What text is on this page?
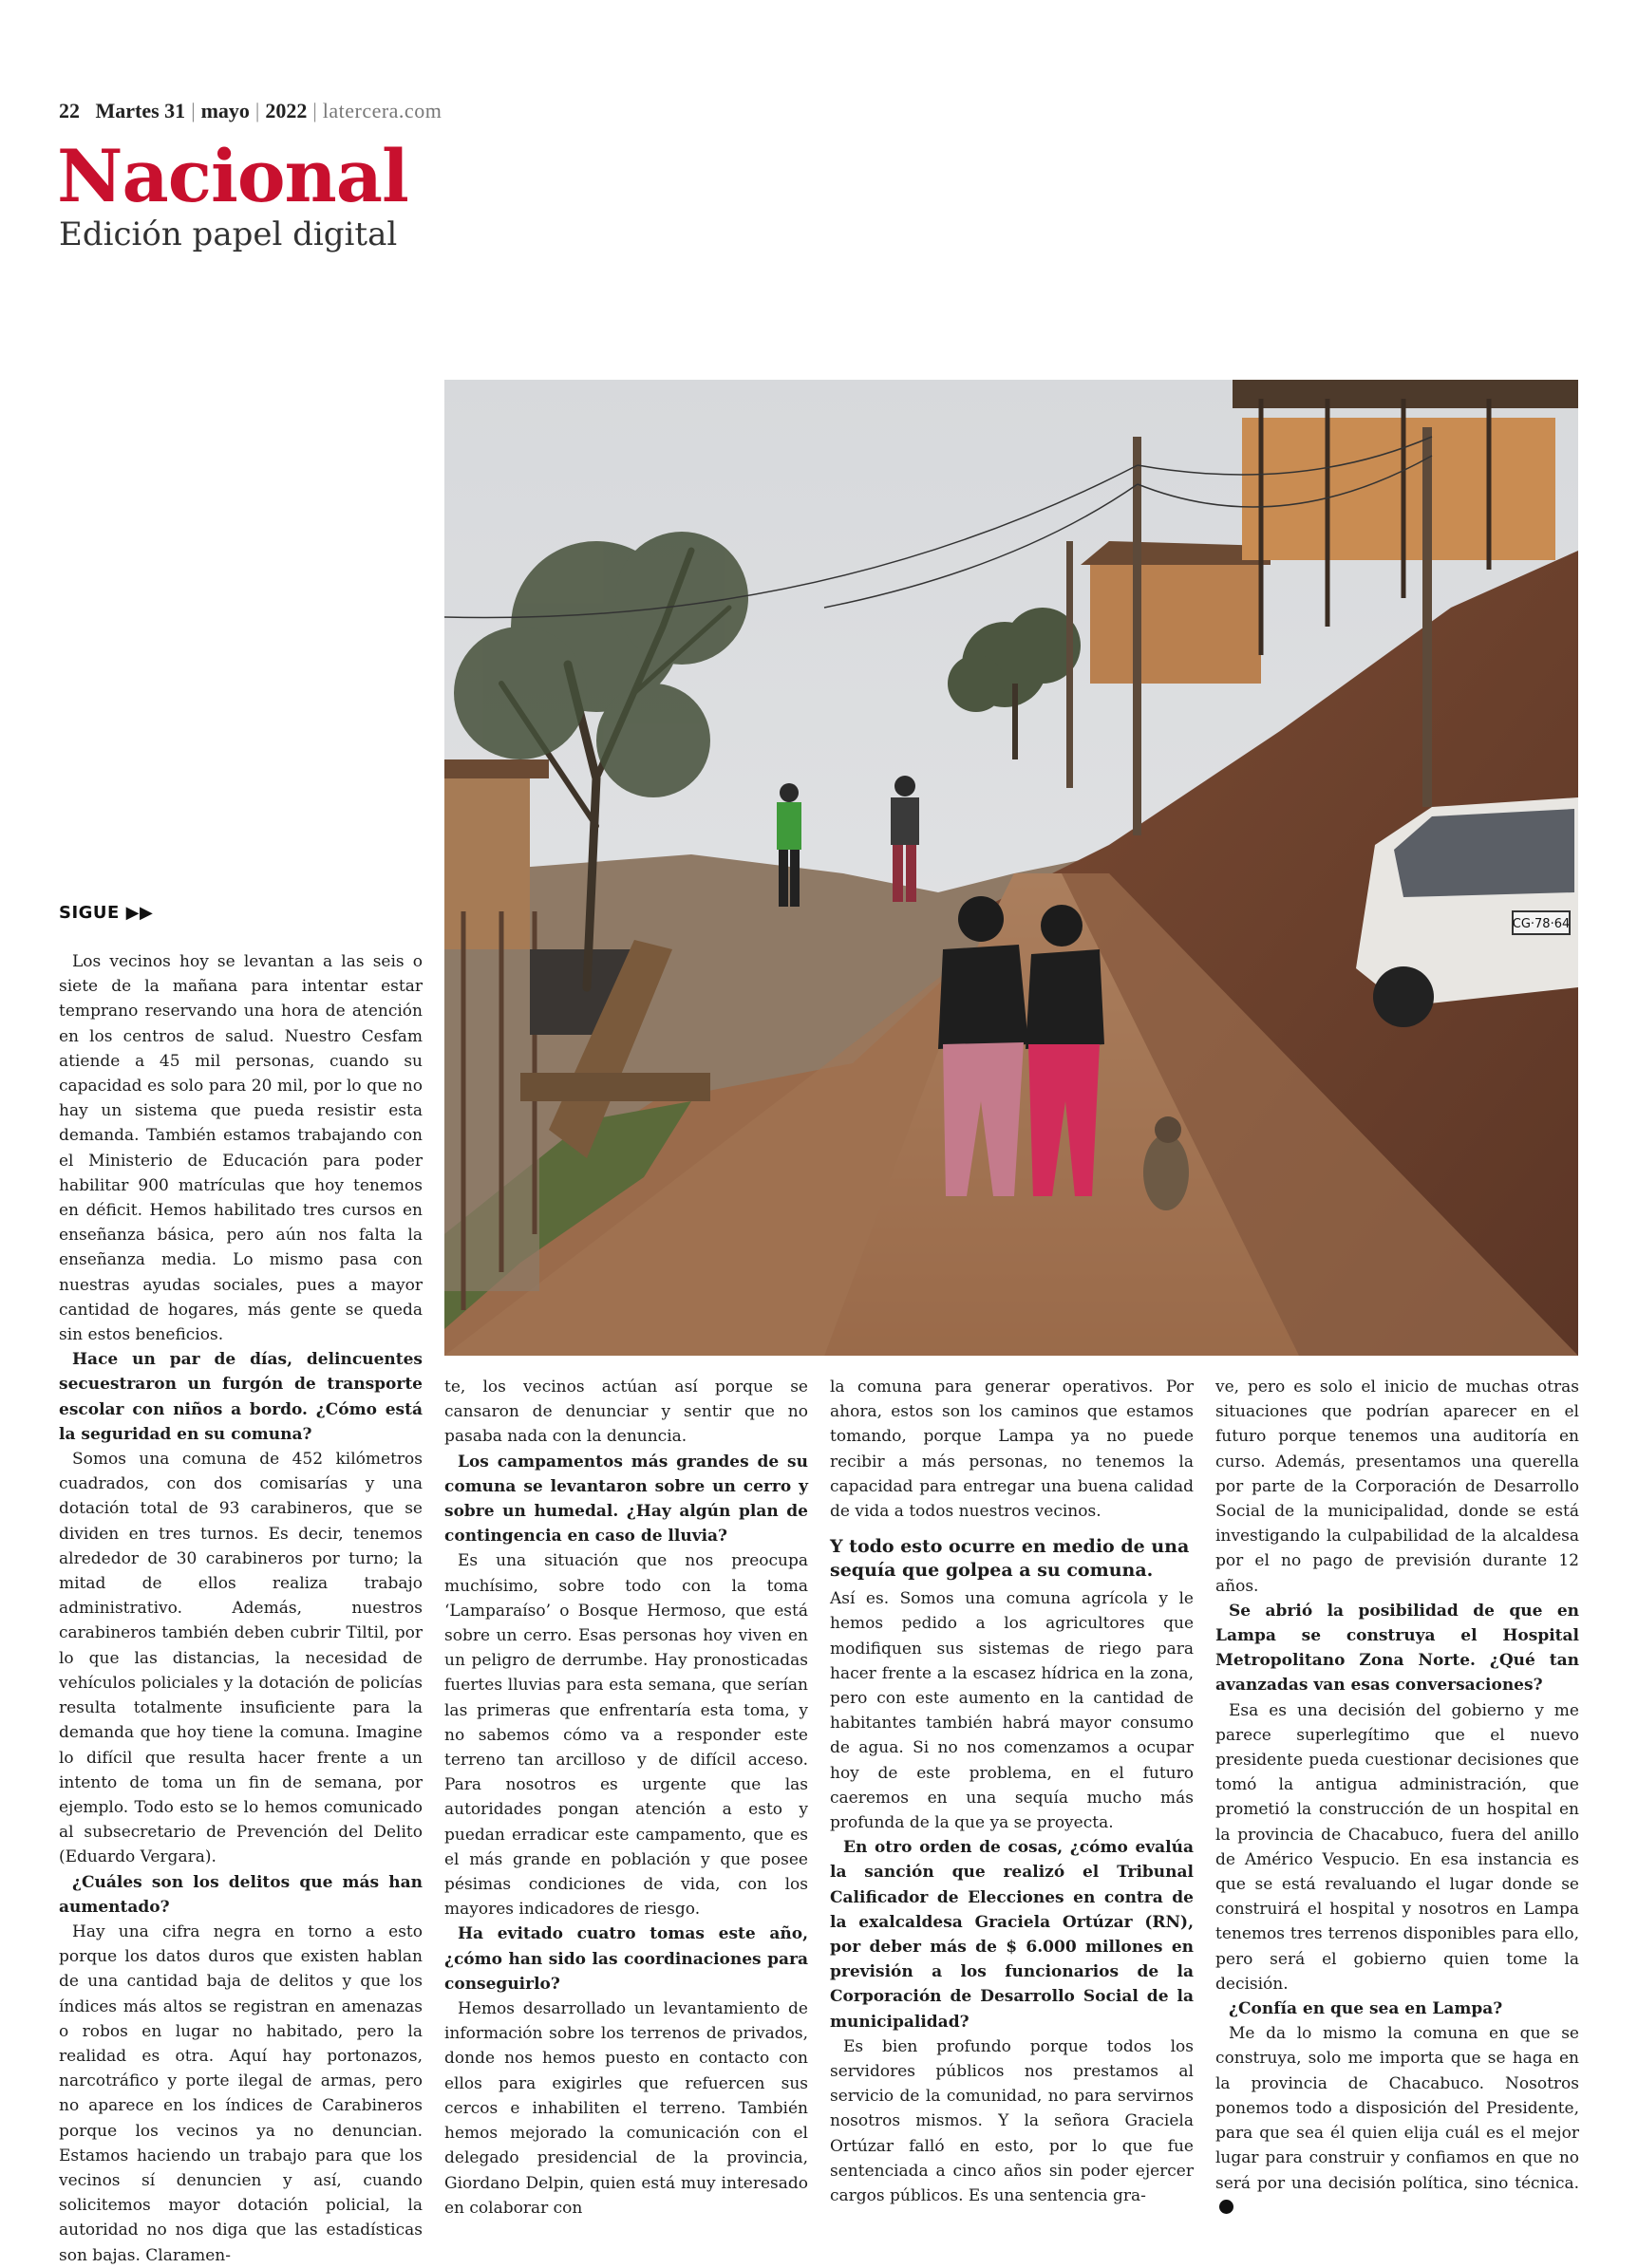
22 Martes 31 | mayo | 2022 | latercera.com
Nacional
Edición papel digital
CG·78·64
SIGUE ▶▶

Los vecinos hoy se levantan a las seis o siete de la mañana para intentar estar temprano reservando una hora de atención en los centros de salud. Nuestro Cesfam atiende a 45 mil personas, cuando su capacidad es solo para 20 mil, por lo que no hay un sistema que pueda resistir esta demanda. También estamos trabajando con el Ministerio de Educación para poder habilitar 900 matrículas que hoy tenemos en déficit. Hemos habilitado tres cursos en enseñanza básica, pero aún nos falta la enseñanza media. Lo mismo pasa con nuestras ayudas sociales, pues a mayor cantidad de hogares, más gente se queda sin estos beneficios.

Hace un par de días, delincuentes secuestraron un furgón de transporte escolar con niños a bordo. ¿Cómo está la seguridad en su comuna?

Somos una comuna de 452 kilómetros cuadrados, con dos comisarías y una dotación total de 93 carabineros, que se dividen en tres turnos. Es decir, tenemos alrededor de 30 carabineros por turno; la mitad de ellos realiza trabajo administrativo. Además, nuestros carabineros también deben cubrir Tiltil, por lo que las distancias, la necesidad de vehículos policiales y la dotación de policías resulta totalmente insuficiente para la demanda que hoy tiene la comuna. Imagine lo difícil que resulta hacer frente a un intento de toma un fin de semana, por ejemplo. Todo esto se lo hemos comunicado al subsecretario de Prevención del Delito (Eduardo Vergara).

¿Cuáles son los delitos que más han aumentado?

Hay una cifra negra en torno a esto porque los datos duros que existen hablan de una cantidad baja de delitos y que los índices más altos se registran en amenazas o robos en lugar no habitado, pero la realidad es otra. Aquí hay portonazos, narcotráfico y porte ilegal de armas, pero no aparece en los índices de Carabineros porque los vecinos ya no denuncian. Estamos haciendo un trabajo para que los vecinos sí denuncien y así, cuando solicitemos mayor dotación policial, la autoridad no nos diga que las estadísticas son bajas. Claramen-

te, los vecinos actúan así porque se cansaron de denunciar y sentir que no pasaba nada con la denuncia.

Los campamentos más grandes de su comuna se levantaron sobre un cerro y sobre un humedal. ¿Hay algún plan de contingencia en caso de lluvia?

Es una situación que nos preocupa muchísimo, sobre todo con la toma ‘Lamparaíso’ o Bosque Hermoso, que está sobre un cerro. Esas personas hoy viven en un peligro de derrumbe. Hay pronosticadas fuertes lluvias para esta semana, que serían las primeras que enfrentaría esta toma, y no sabemos cómo va a responder este terreno tan arcilloso y de difícil acceso. Para nosotros es urgente que las autoridades pongan atención a esto y puedan erradicar este campamento, que es el más grande en población y que posee pésimas condiciones de vida, con los mayores indicadores de riesgo.

Ha evitado cuatro tomas este año, ¿cómo han sido las coordinaciones para conseguirlo?

Hemos desarrollado un levantamiento de información sobre los terrenos de privados, donde nos hemos puesto en contacto con ellos para exigirles que refuercen sus cercos e inhabiliten el terreno. También hemos mejorado la comunicación con el delegado presidencial de la provincia, Giordano Delpin, quien está muy interesado en colaborar con

la comuna para generar operativos. Por ahora, estos son los caminos que estamos tomando, porque Lampa ya no puede recibir a más personas, no tenemos la capacidad para entregar una buena calidad de vida a todos nuestros vecinos.

Y todo esto ocurre en medio de una sequía que golpea a su comuna.

Así es. Somos una comuna agrícola y le hemos pedido a los agricultores que modifiquen sus sistemas de riego para hacer frente a la escasez hídrica en la zona, pero con este aumento en la cantidad de habitantes también habrá mayor consumo de agua. Si no nos comenzamos a ocupar hoy de este problema, en el futuro caeremos en una sequía mucho más profunda de la que ya se proyecta.

En otro orden de cosas, ¿cómo evalúa la sanción que realizó el Tribunal Calificador de Elecciones en contra de la exalcaldesa Graciela Ortúzar (RN), por deber más de $ 6.000 millones en previsión a los funcionarios de la Corporación de Desarrollo Social de la municipalidad?

Es bien profundo porque todos los servidores públicos nos prestamos al servicio de la comunidad, no para servirnos nosotros mismos. Y la señora Graciela Ortúzar falló en esto, por lo que fue sentenciada a cinco años sin poder ejercer cargos públicos. Es una sentencia gra-

ve, pero es solo el inicio de muchas otras situaciones que podrían aparecer en el futuro porque tenemos una auditoría en curso. Además, presentamos una querella por parte de la Corporación de Desarrollo Social de la municipalidad, donde se está investigando la culpabilidad de la alcaldesa por el no pago de previsión durante 12 años.

Se abrió la posibilidad de que en Lampa se construya el Hospital Metropolitano Zona Norte. ¿Qué tan avanzadas van esas conversaciones?

Esa es una decisión del gobierno y me parece superlegítimo que el nuevo presidente pueda cuestionar decisiones que tomó la antigua administración, que prometió la construcción de un hospital en la provincia de Chacabuco, fuera del anillo de Américo Vespucio. En esa instancia es que se está revaluando el lugar donde se construirá el hospital y nosotros en Lampa tenemos tres terrenos disponibles para ello, pero será el gobierno quien tome la decisión.

¿Confía en que sea en Lampa?

Me da lo mismo la comuna en que se construya, solo me importa que se haga en la provincia de Chacabuco. Nosotros ponemos todo a disposición del Presidente, para que sea él quien elija cuál es el mejor lugar para construir y confiamos en que no será por una decisión política, sino técnica.
